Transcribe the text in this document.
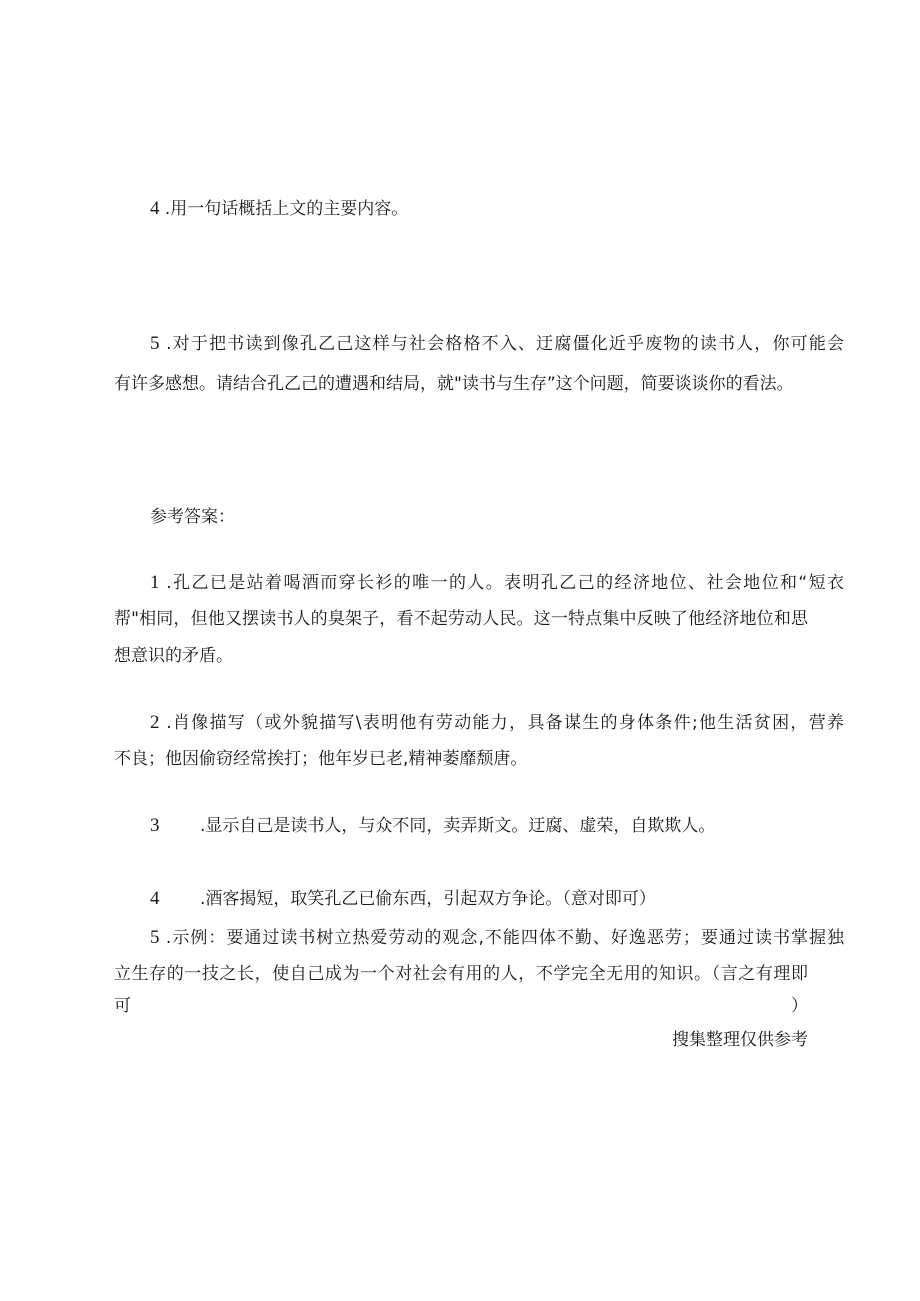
4 .用一句话概括上文的主要内容。
5 .对于把书读到像孔乙己这样与社会格格不入、迂腐僵化近乎废物的读书人，你可能会
有许多感想。请结合孔乙己的遭遇和结局，就"读书与生存”这个问题，简要谈谈你的看法。
参考答案：
1 .孔乙已是站着喝酒而穿长衫的唯一的人。表明孔乙己的经济地位、社会地位和“短衣
帮"相同，但他又摆读书人的臭架子，看不起劳动人民。这一特点集中反映了他经济地位和思
想意识的矛盾。
2 .肖像描写（或外貌描写\表明他有劳动能力，具备谋生的身体条件;他生活贫困，营养
不良；他因偷窃经常挨打；他年岁已老,精神萎靡颓唐。
3 .显示自己是读书人，与众不同，卖弄斯文。迂腐、虚荣，自欺欺人。
4 .酒客揭短，取笑孔乙已偷东西，引起双方争论。（意对即可）
5 .示例：要通过读书树立热爱劳动的观念,不能四体不勤、好逸恶劳；要通过读书掌握独
立生存的一技之长，使自己成为一个对社会有用的人，不学完全无用的知识。（言之有理即可）
搜集整理仅供参考
